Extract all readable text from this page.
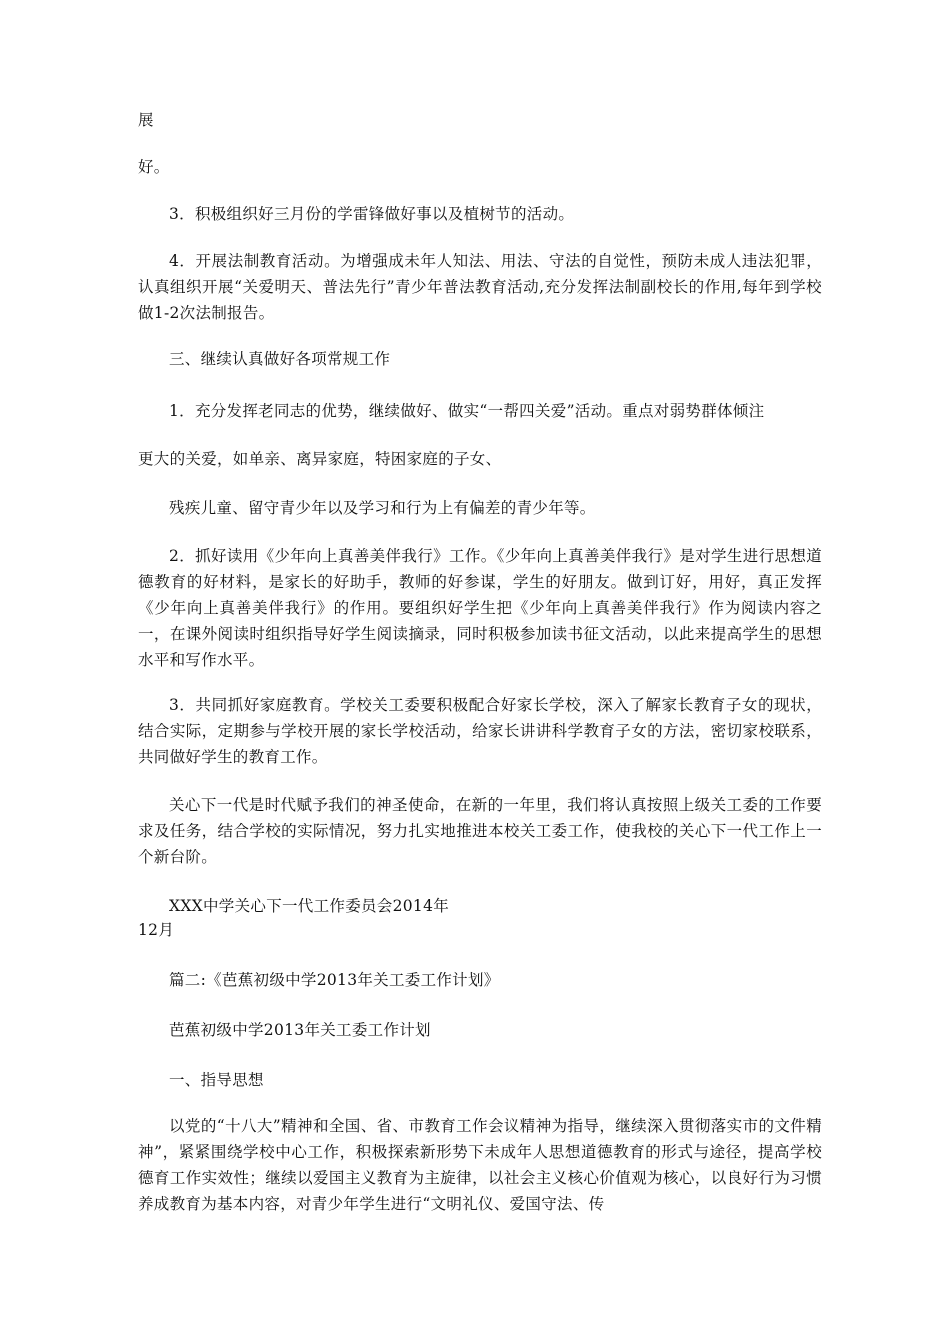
展
好。
3．积极组织好三月份的学雷锋做好事以及植树节的活动。
4．开展法制教育活动。为增强成未年人知法、用法、守法的自觉性，预防未成人违法犯罪，认真组织开展“关爱明天、普法先行”青少年普法教育活动,充分发挥法制副校长的作用,每年到学校做1-2次法制报告。
三、继续认真做好各项常规工作
1．充分发挥老同志的优势，继续做好、做实“一帮四关爱”活动。重点对弱势群体倾注
更大的关爱，如单亲、离异家庭，特困家庭的子女、
残疾儿童、留守青少年以及学习和行为上有偏差的青少年等。
2．抓好读用《少年向上真善美伴我行》工作。《少年向上真善美伴我行》是对学生进行思想道德教育的好材料，是家长的好助手，教师的好参谋，学生的好朋友。做到订好，用好，真正发挥《少年向上真善美伴我行》的作用。要组织好学生把《少年向上真善美伴我行》作为阅读内容之一，在课外阅读时组织指导好学生阅读摘录，同时积极参加读书征文活动，以此来提高学生的思想水平和写作水平。
3．共同抓好家庭教育。学校关工委要积极配合好家长学校，深入了解家长教育子女的现状，结合实际，定期参与学校开展的家长学校活动，给家长讲讲科学教育子女的方法，密切家校联系，共同做好学生的教育工作。
关心下一代是时代赋予我们的神圣使命，在新的一年里，我们将认真按照上级关工委的工作要求及任务，结合学校的实际情况，努力扎实地推进本校关工委工作，使我校的关心下一代工作上一个新台阶。
XXX中学关心下一代工作委员会2014年
12月
篇二:《芭蕉初级中学2013年关工委工作计划》
芭蕉初级中学2013年关工委工作计划
一、指导思想
以党的“十八大”精神和全国、省、市教育工作会议精神为指导，继续深入贯彻落实市的文件精神”，紧紧围绕学校中心工作，积极探索新形势下未成年人思想道德教育的形式与途径，提高学校德育工作实效性；继续以爱国主义教育为主旋律，以社会主义核心价值观为核心，以良好行为习惯养成教育为基本内容，对青少年学生进行“文明礼仪、爱国守法、传
